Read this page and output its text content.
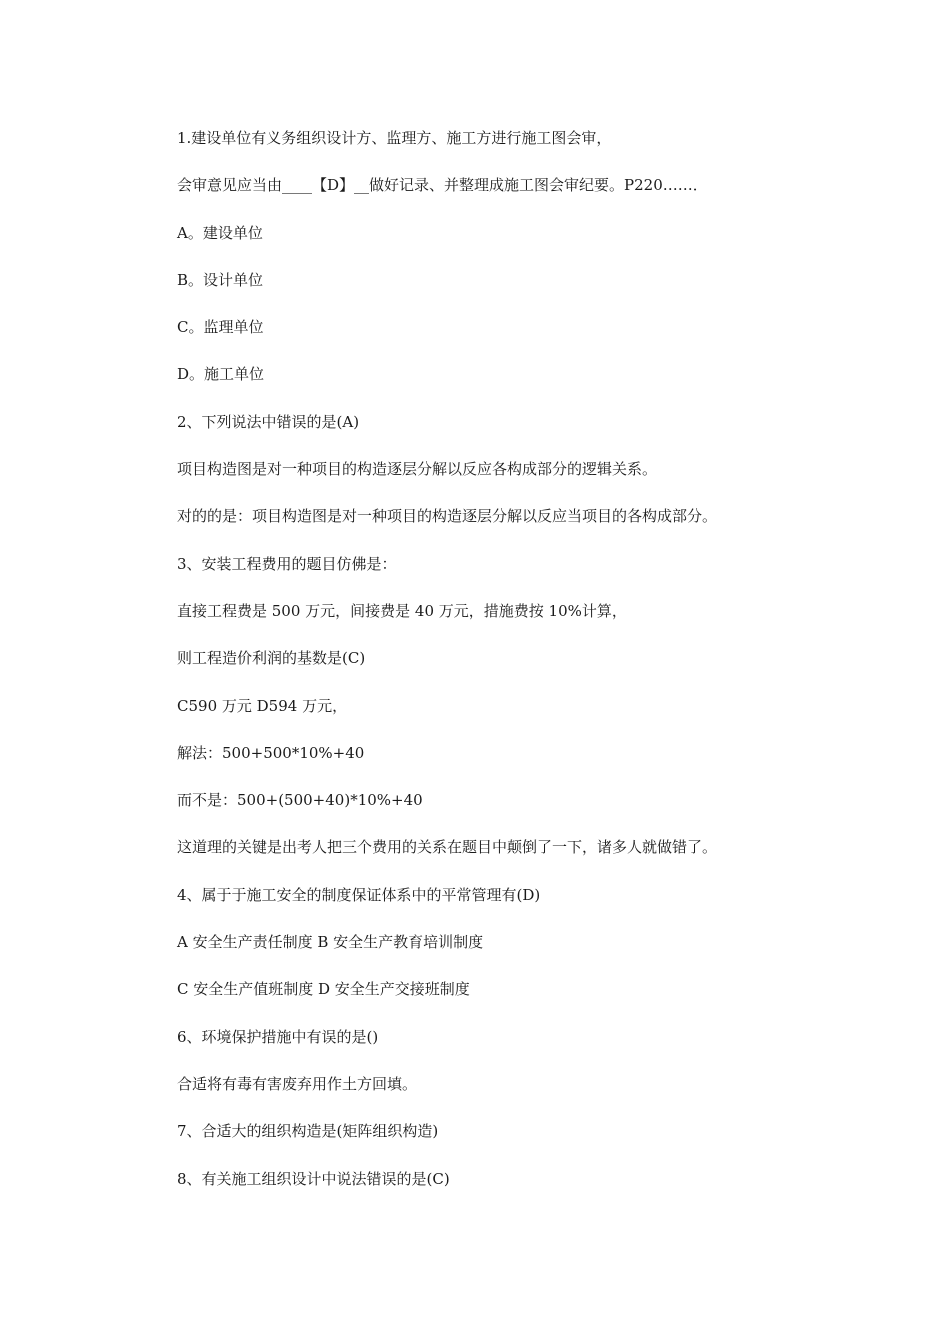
1.建设单位有义务组织设计方、监理方、施工方进行施工图会审，
会审意见应当由____【D】__做好记录、并整理成施工图会审纪要。P220……．
A。建设单位
B。设计单位
C。监理单位
D。施工单位
2、下列说法中错误的是(A)
项目构造图是对一种项目的构造逐层分解以反应各构成部分的逻辑关系。
对的的是：项目构造图是对一种项目的构造逐层分解以反应当项目的各构成部分。
3、安装工程费用的题目仿佛是：
直接工程费是 500 万元，间接费是 40 万元，措施费按 10%计算，
则工程造价利润的基数是(C)
C590 万元 D594 万元，
解法：500+500*10%+40
而不是：500+(500+40)*10%+40
这道理的关键是出考人把三个费用的关系在题目中颠倒了一下，诸多人就做错了。
4、属于于施工安全的制度保证体系中的平常管理有(D)
A 安全生产责任制度 B 安全生产教育培训制度
C 安全生产值班制度 D 安全生产交接班制度
6、环境保护措施中有误的是()
合适将有毒有害废弃用作土方回填。
7、合适大的组织构造是(矩阵组织构造)
8、有关施工组织设计中说法错误的是(C)
